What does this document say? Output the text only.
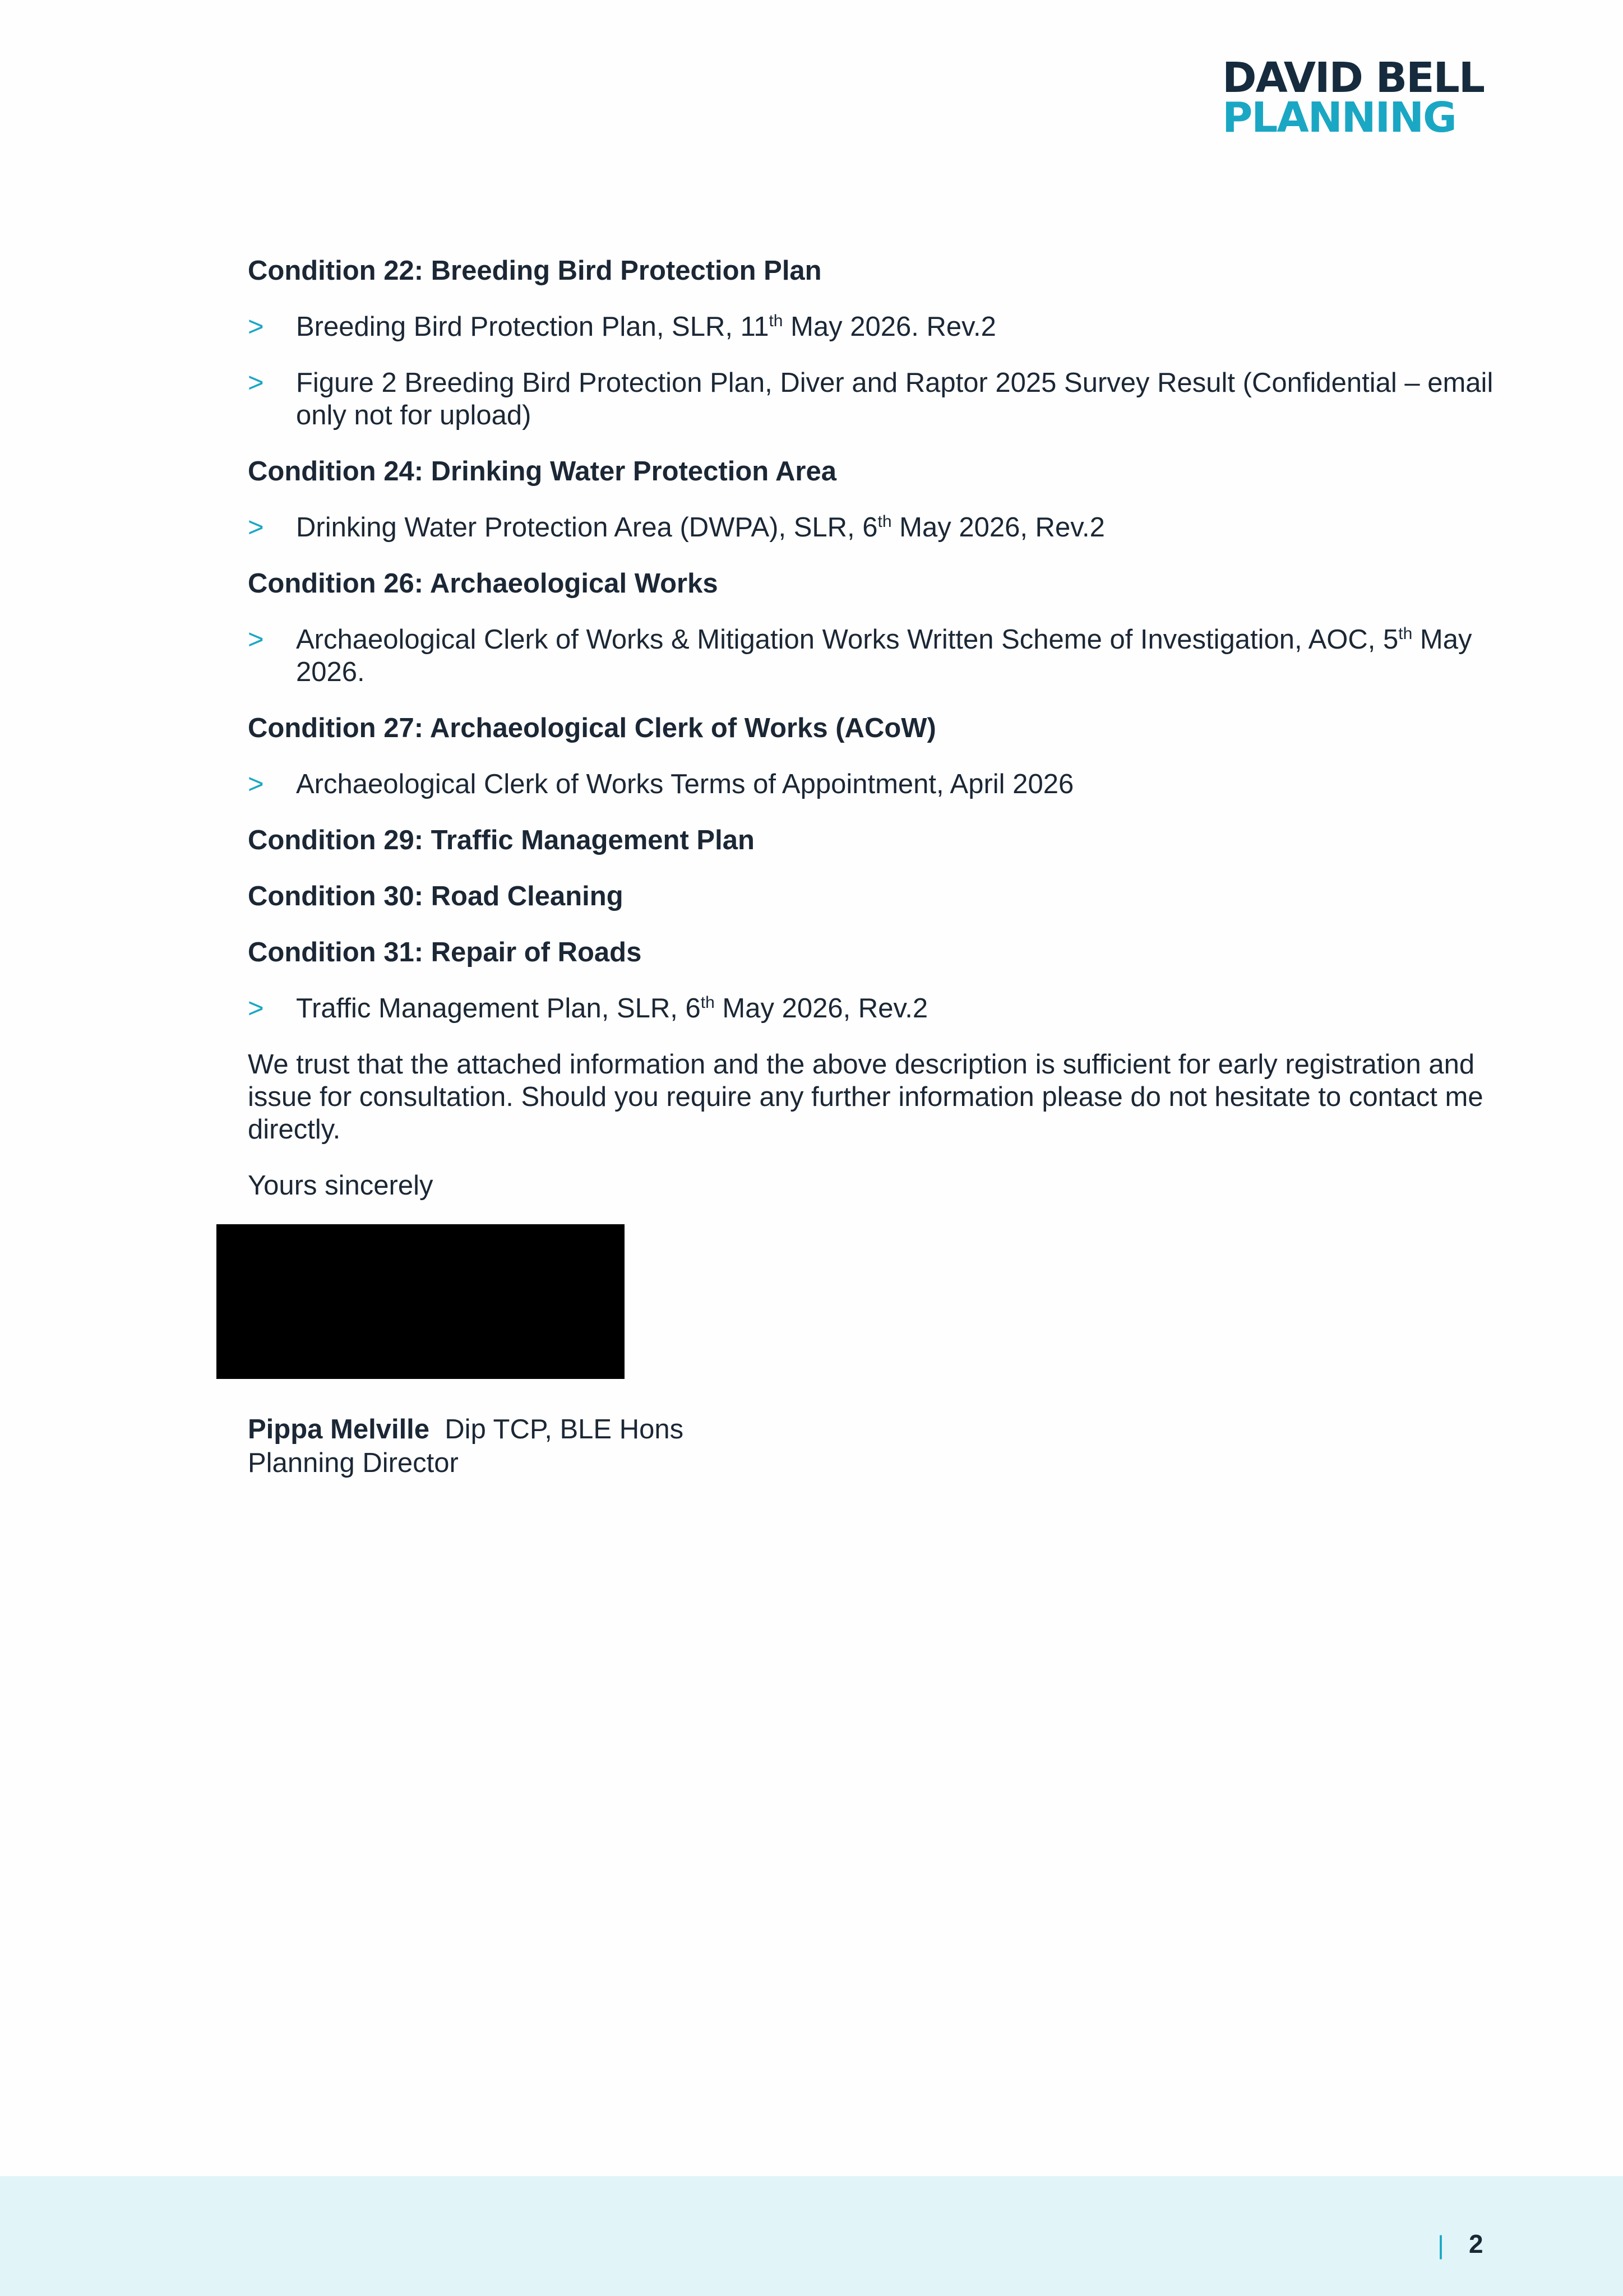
DAVID BELL
PLANNING
Condition 22: Breeding Bird Protection Plan
> Breeding Bird Protection Plan, SLR, 11th May 2026. Rev.2
> Figure 2 Breeding Bird Protection Plan, Diver and Raptor 2025 Survey Result (Confidential – email only not for upload)
Condition 24: Drinking Water Protection Area
> Drinking Water Protection Area (DWPA), SLR, 6th May 2026, Rev.2
Condition 26: Archaeological Works
> Archaeological Clerk of Works & Mitigation Works Written Scheme of Investigation, AOC, 5th May 2026.
Condition 27: Archaeological Clerk of Works (ACoW)
> Archaeological Clerk of Works Terms of Appointment, April 2026
Condition 29: Traffic Management Plan
Condition 30: Road Cleaning
Condition 31: Repair of Roads
> Traffic Management Plan, SLR, 6th May 2026, Rev.2
We trust that the attached information and the above description is sufficient for early registration and issue for consultation. Should you require any further information please do not hesitate to contact me directly.
Yours sincerely
Pippa Melville Dip TCP, BLE Hons
Planning Director
| 2
